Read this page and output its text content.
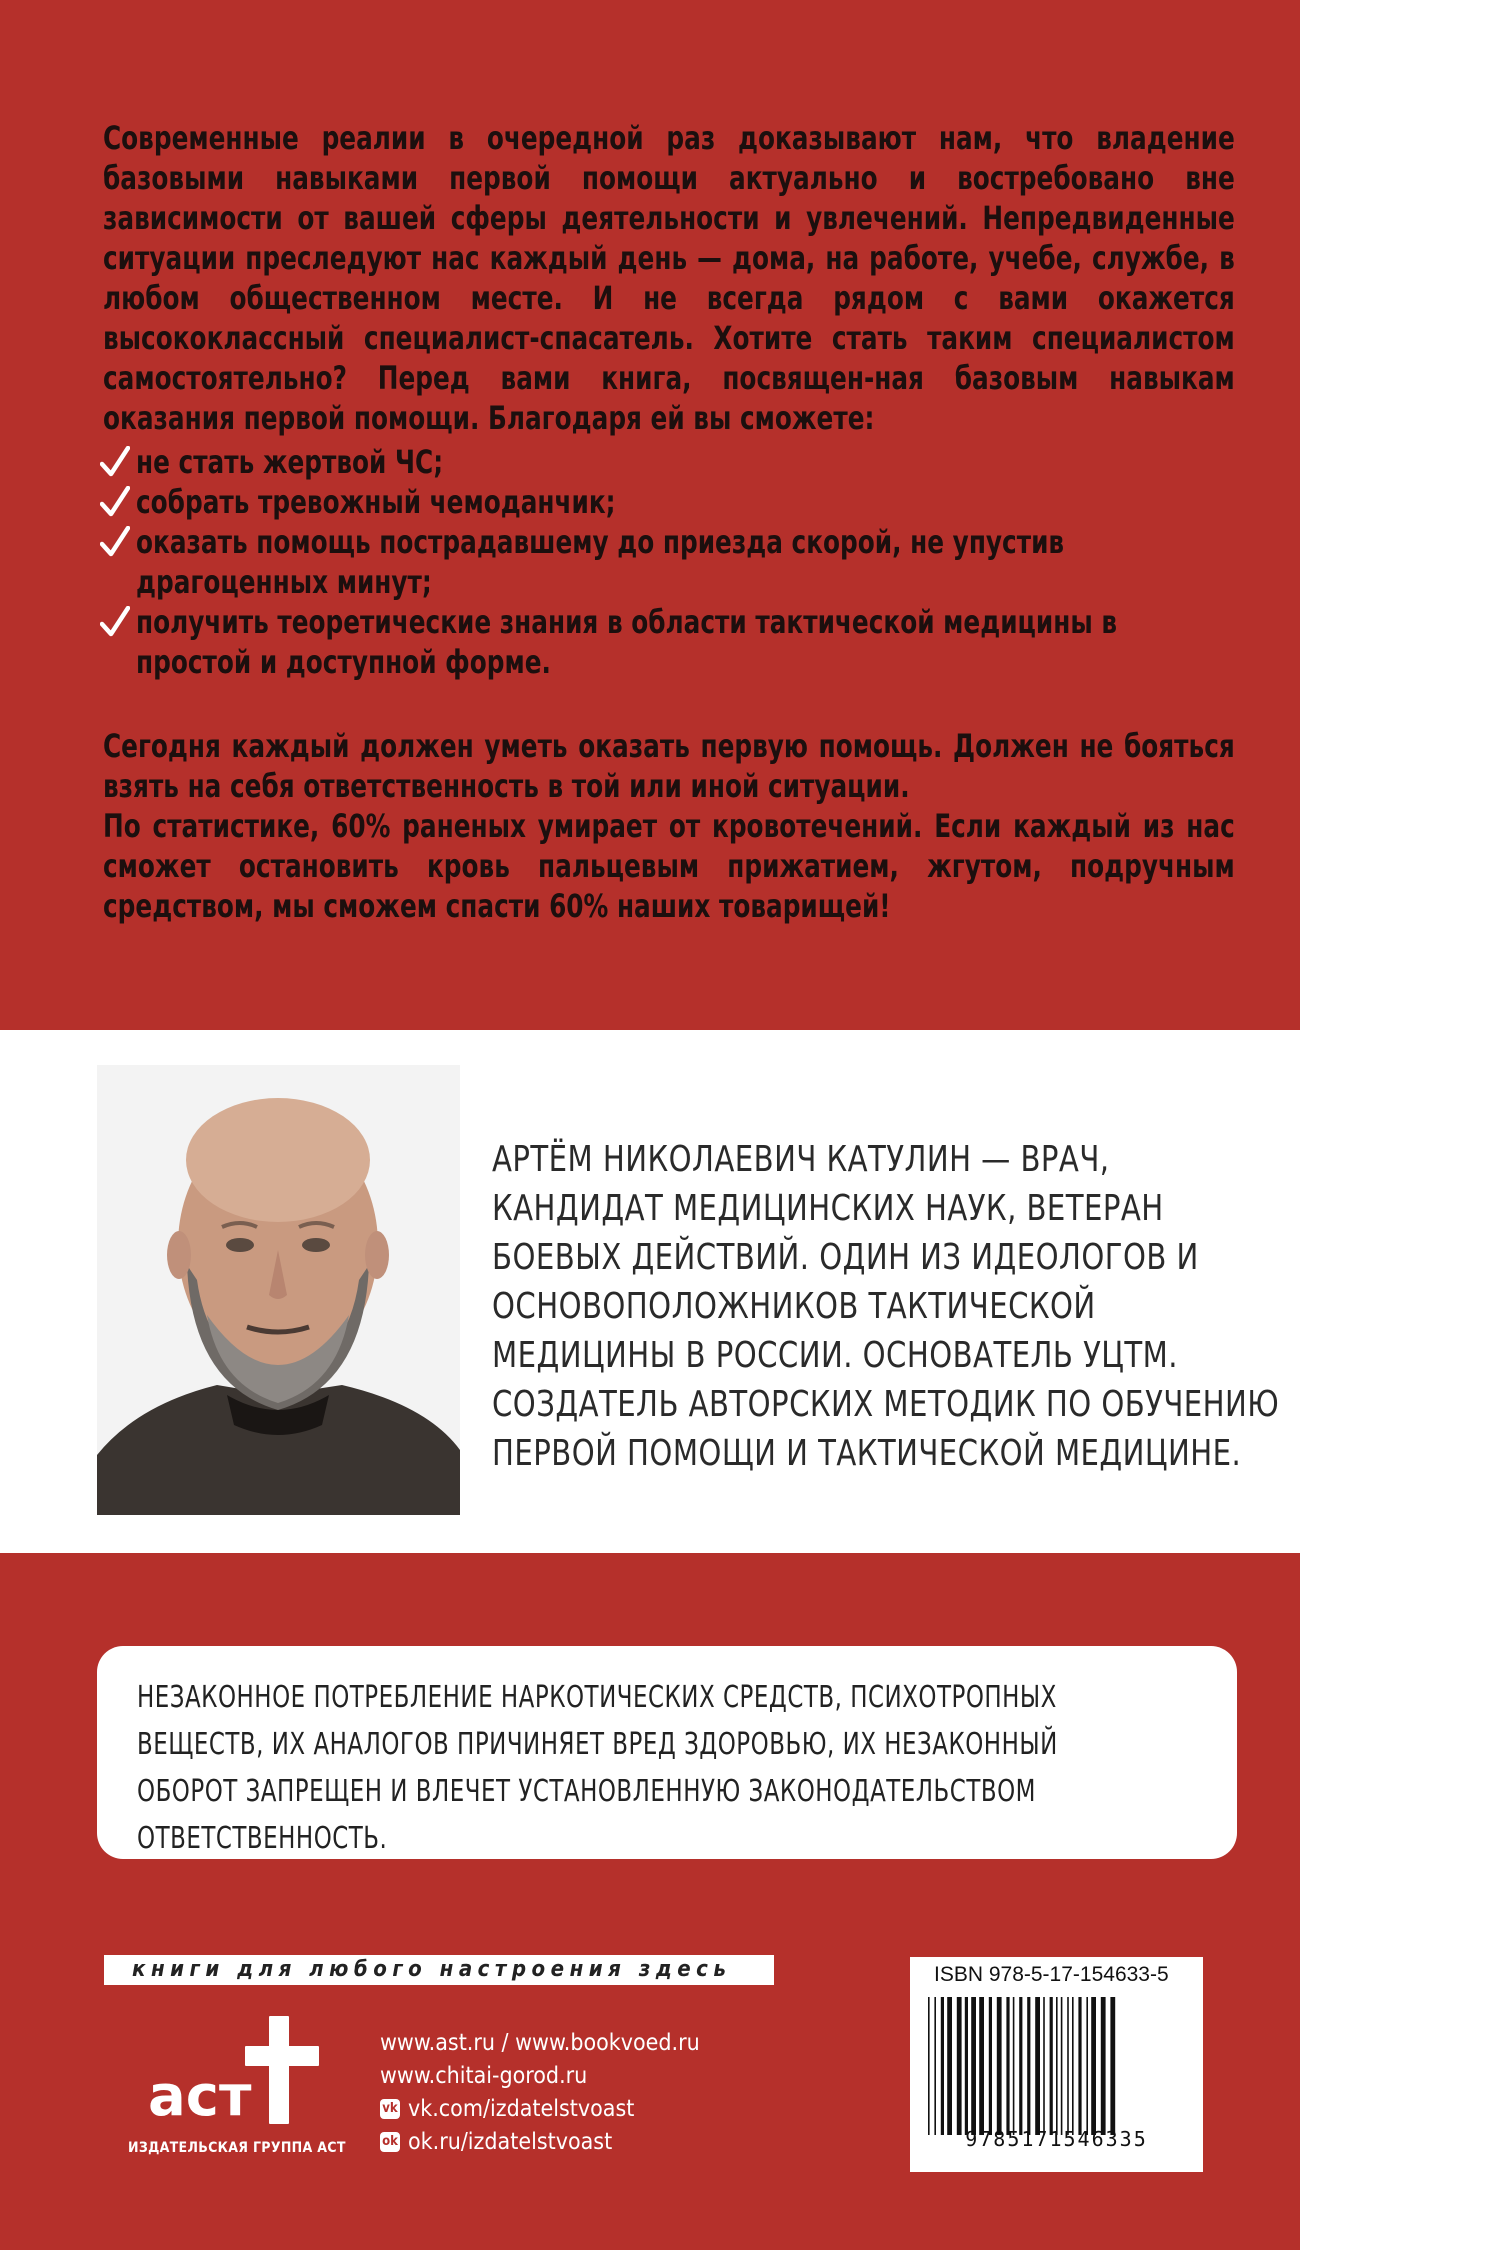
Современные реалии в очередной раз доказывают нам, что владение базовыми навыками первой помощи актуально и востребовано вне зависимости от вашей сферы деятельности и увлечений. Непредвиденные ситуации преследуют нас каждый день — дома, на работе, учебе, службе, в любом общественном месте. И не всегда рядом с вами окажется высококлассный специалист-спасатель. Хотите стать таким специалистом самостоятельно? Перед вами книга, посвящен-ная базовым навыкам оказания первой помощи. Благодаря ей вы сможете:

не стать жертвой ЧС;
собрать тревожный чемоданчик;
оказать помощь пострадавшему до приезда скорой, не упустив драгоценных минут;
получить теоретические знания в области тактической медицины в простой и доступной форме.

Сегодня каждый должен уметь оказать первую помощь. Должен не бояться взять на себя ответственность в той или иной ситуации.

По статистике, 60% раненых умирает от кровотечений. Если каждый из нас сможет остановить кровь пальцевым прижатием, жгутом, подручным средством, мы сможем спасти 60% наших товарищей!

АРТЁМ НИКОЛАЕВИЧ КАТУЛИН — ВРАЧ, КАНДИДАТ МЕДИЦИНСКИХ НАУК, ВЕТЕРАН БОЕВЫХ ДЕЙСТВИЙ. ОДИН ИЗ ИДЕОЛОГОВ И ОСНОВОПОЛОЖНИКОВ ТАКТИЧЕСКОЙ МЕДИЦИНЫ В РОССИИ. ОСНОВАТЕЛЬ УЦТМ. СОЗДАТЕЛЬ АВТОРСКИХ МЕТОДИК ПО ОБУЧЕНИЮ ПЕРВОЙ ПОМОЩИ И ТАКТИЧЕСКОЙ МЕДИЦИНЕ.
НЕЗАКОННОЕ ПОТРЕБЛЕНИЕ НАРКОТИЧЕСКИХ СРЕДСТВ, ПСИХОТРОПНЫХ ВЕЩЕСТВ, ИХ АНАЛОГОВ ПРИЧИНЯЕТ ВРЕД ЗДОРОВЬЮ, ИХ НЕЗАКОННЫЙ ОБОРОТ ЗАПРЕЩЕН И ВЛЕЧЕТ УСТАНОВЛЕННУЮ ЗАКОНОДАТЕЛЬСТВОМ ОТВЕТСТВЕННОСТЬ.
книги для любого настроения здесь
аст
ИЗДАТЕЛЬСКАЯ ГРУППА АСТ
www.ast.ru / www.bookvoed.ru
www.chitai-gorod.ru
vk vk.com/izdatelstvoast
ok ok.ru/izdatelstvoast
ISBN 978-5-17-154633-5
9785171546335
